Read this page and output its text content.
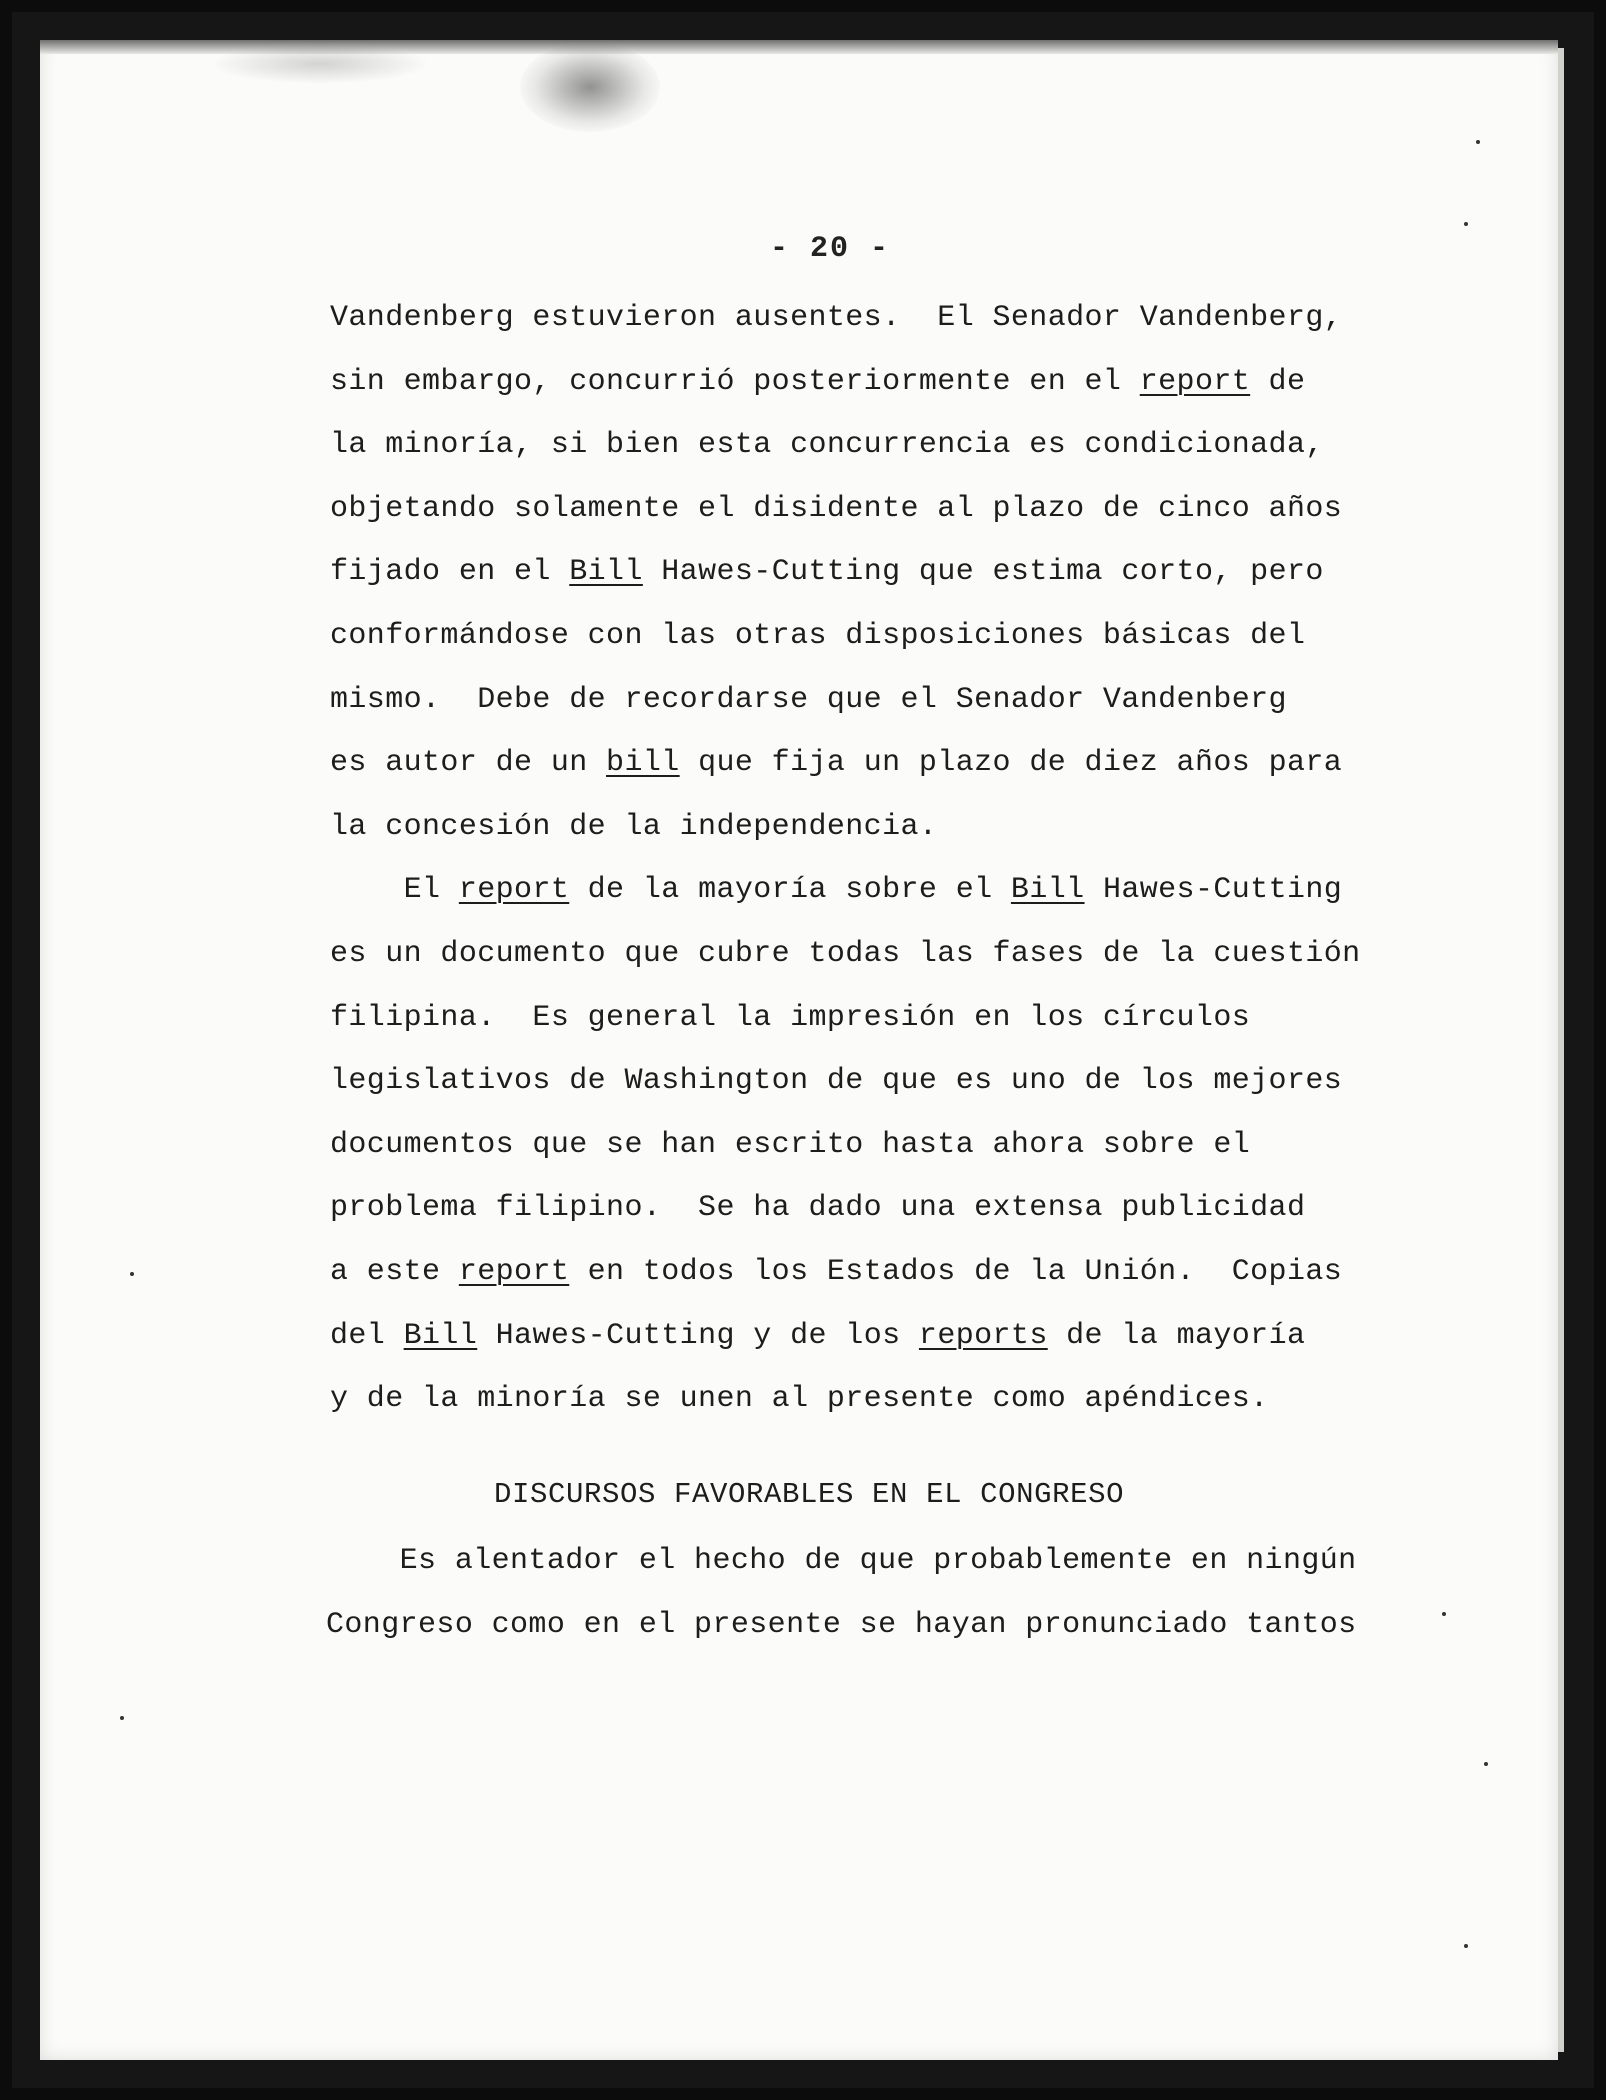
- 20 -
Vandenberg estuvieron ausentes.  El Senador Vandenberg,
sin embargo, concurrió posteriormente en el report de
la minoría, si bien esta concurrencia es condicionada,
objetando solamente el disidente al plazo de cinco años
fijado en el Bill Hawes-Cutting que estima corto, pero
conformándose con las otras disposiciones básicas del
mismo.  Debe de recordarse que el Senador Vandenberg
es autor de un bill que fija un plazo de diez años para
la concesión de la independencia.
El report de la mayoría sobre el Bill Hawes-Cutting
es un documento que cubre todas las fases de la cuestión
filipina.  Es general la impresión en los círculos
legislativos de Washington de que es uno de los mejores
documentos que se han escrito hasta ahora sobre el
problema filipino.  Se ha dado una extensa publicidad
a este report en todos los Estados de la Unión.  Copias
del Bill Hawes-Cutting y de los reports de la mayoría
y de la minoría se unen al presente como apéndices.
DISCURSOS FAVORABLES EN EL CONGRESO
Es alentador el hecho de que probablemente en ningún
Congreso como en el presente se hayan pronunciado tantos
